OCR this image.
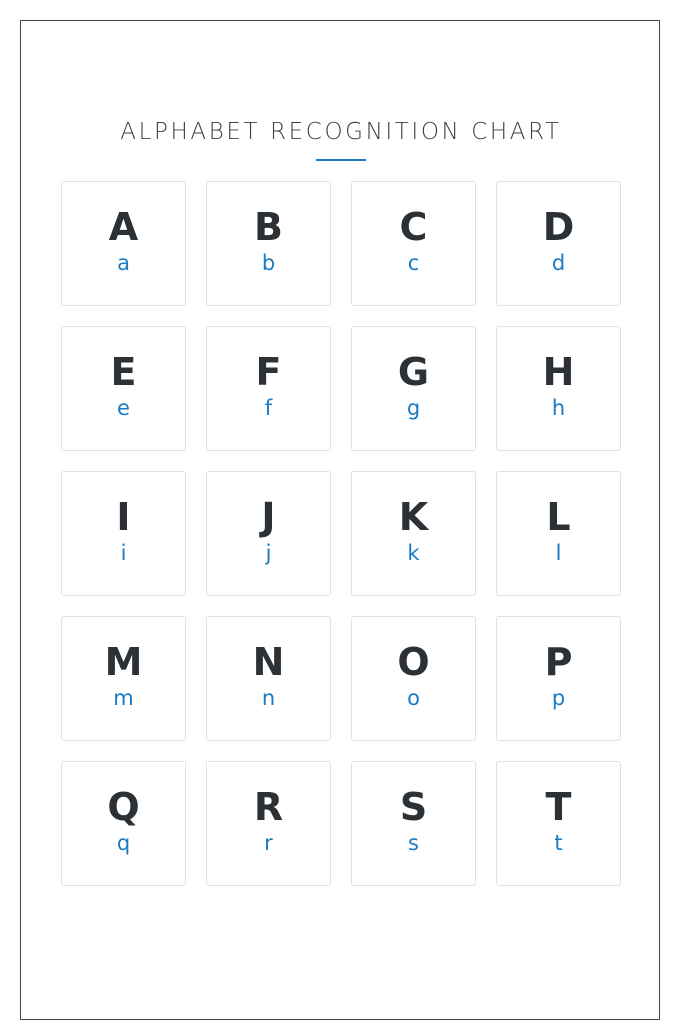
ALPHABET RECOGNITION CHART
A
a
B
b
C
c
D
d
E
e
F
f
G
g
H
h
I
i
J
j
K
k
L
l
M
m
N
n
O
o
P
p
Q
q
R
r
S
s
T
t
